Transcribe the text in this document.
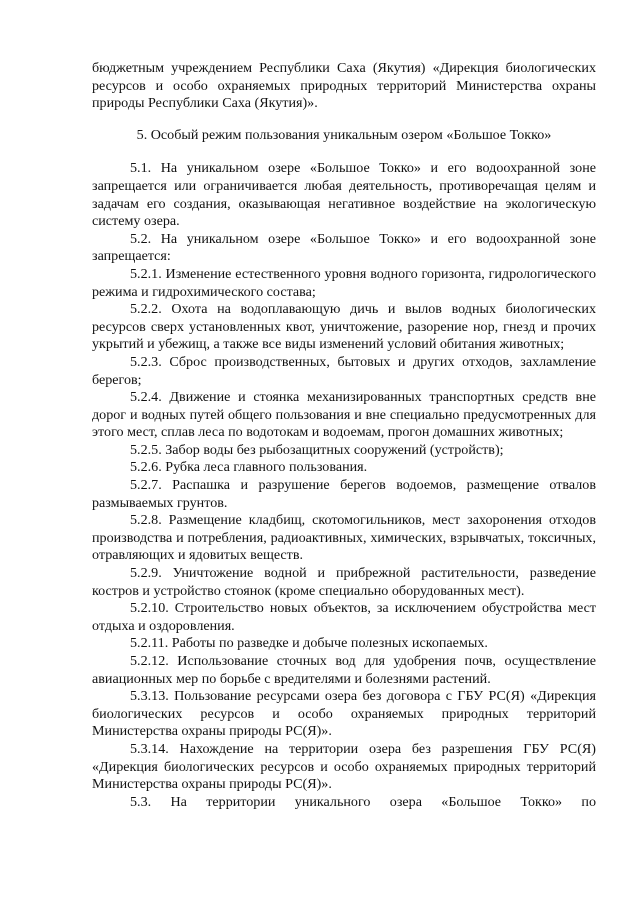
бюджетным учреждением Республики Саха (Якутия) «Дирекция биологических ресурсов и особо охраняемых природных территорий Министерства охраны природы Республики Саха (Якутия)».

5. Особый режим пользования уникальным озером «Большое Токко»

5.1. На уникальном озере «Большое Токко» и его водоохранной зоне запрещается или ограничивается любая деятельность, противоречащая целям и задачам его создания, оказывающая негативное воздействие на экологическую систему озера.

5.2. На уникальном озере «Большое Токко» и его водоохранной зоне запрещается:

5.2.1. Изменение естественного уровня водного горизонта, гидрологического режима и гидрохимического состава;

5.2.2. Охота на водоплавающую дичь и вылов водных биологических ресурсов сверх установленных квот, уничтожение, разорение нор, гнезд и прочих укрытий и убежищ, а также все виды изменений условий обитания животных;

5.2.3. Сброс производственных, бытовых и других отходов, захламление берегов;

5.2.4. Движение и стоянка механизированных транспортных средств вне дорог и водных путей общего пользования и вне специально предусмотренных для этого мест, сплав леса по водотокам и водоемам, прогон домашних животных;

5.2.5. Забор воды без рыбозащитных сооружений (устройств);

5.2.6. Рубка леса главного пользования.

5.2.7. Распашка и разрушение берегов водоемов, размещение отвалов размываемых грунтов.

5.2.8. Размещение кладбищ, скотомогильников, мест захоронения отходов производства и потребления, радиоактивных, химических, взрывчатых, токсичных, отравляющих и ядовитых веществ.

5.2.9. Уничтожение водной и прибрежной растительности, разведение костров и устройство стоянок (кроме специально оборудованных мест).

5.2.10. Строительство новых объектов, за исключением обустройства мест отдыха и оздоровления.

5.2.11. Работы по разведке и добыче полезных ископаемых.

5.2.12. Использование сточных вод для удобрения почв, осуществление авиационных мер по борьбе с вредителями и болезнями растений.

5.3.13. Пользование ресурсами озера без договора с ГБУ РС(Я) «Дирекция биологических ресурсов и особо охраняемых природных территорий Министерства охраны природы РС(Я)».

5.3.14. Нахождение на территории озера без разрешения ГБУ РС(Я) «Дирекция биологических ресурсов и особо охраняемых природных территорий Министерства охраны природы РС(Я)».

5.3. На территории уникального озера «Большое Токко» по
